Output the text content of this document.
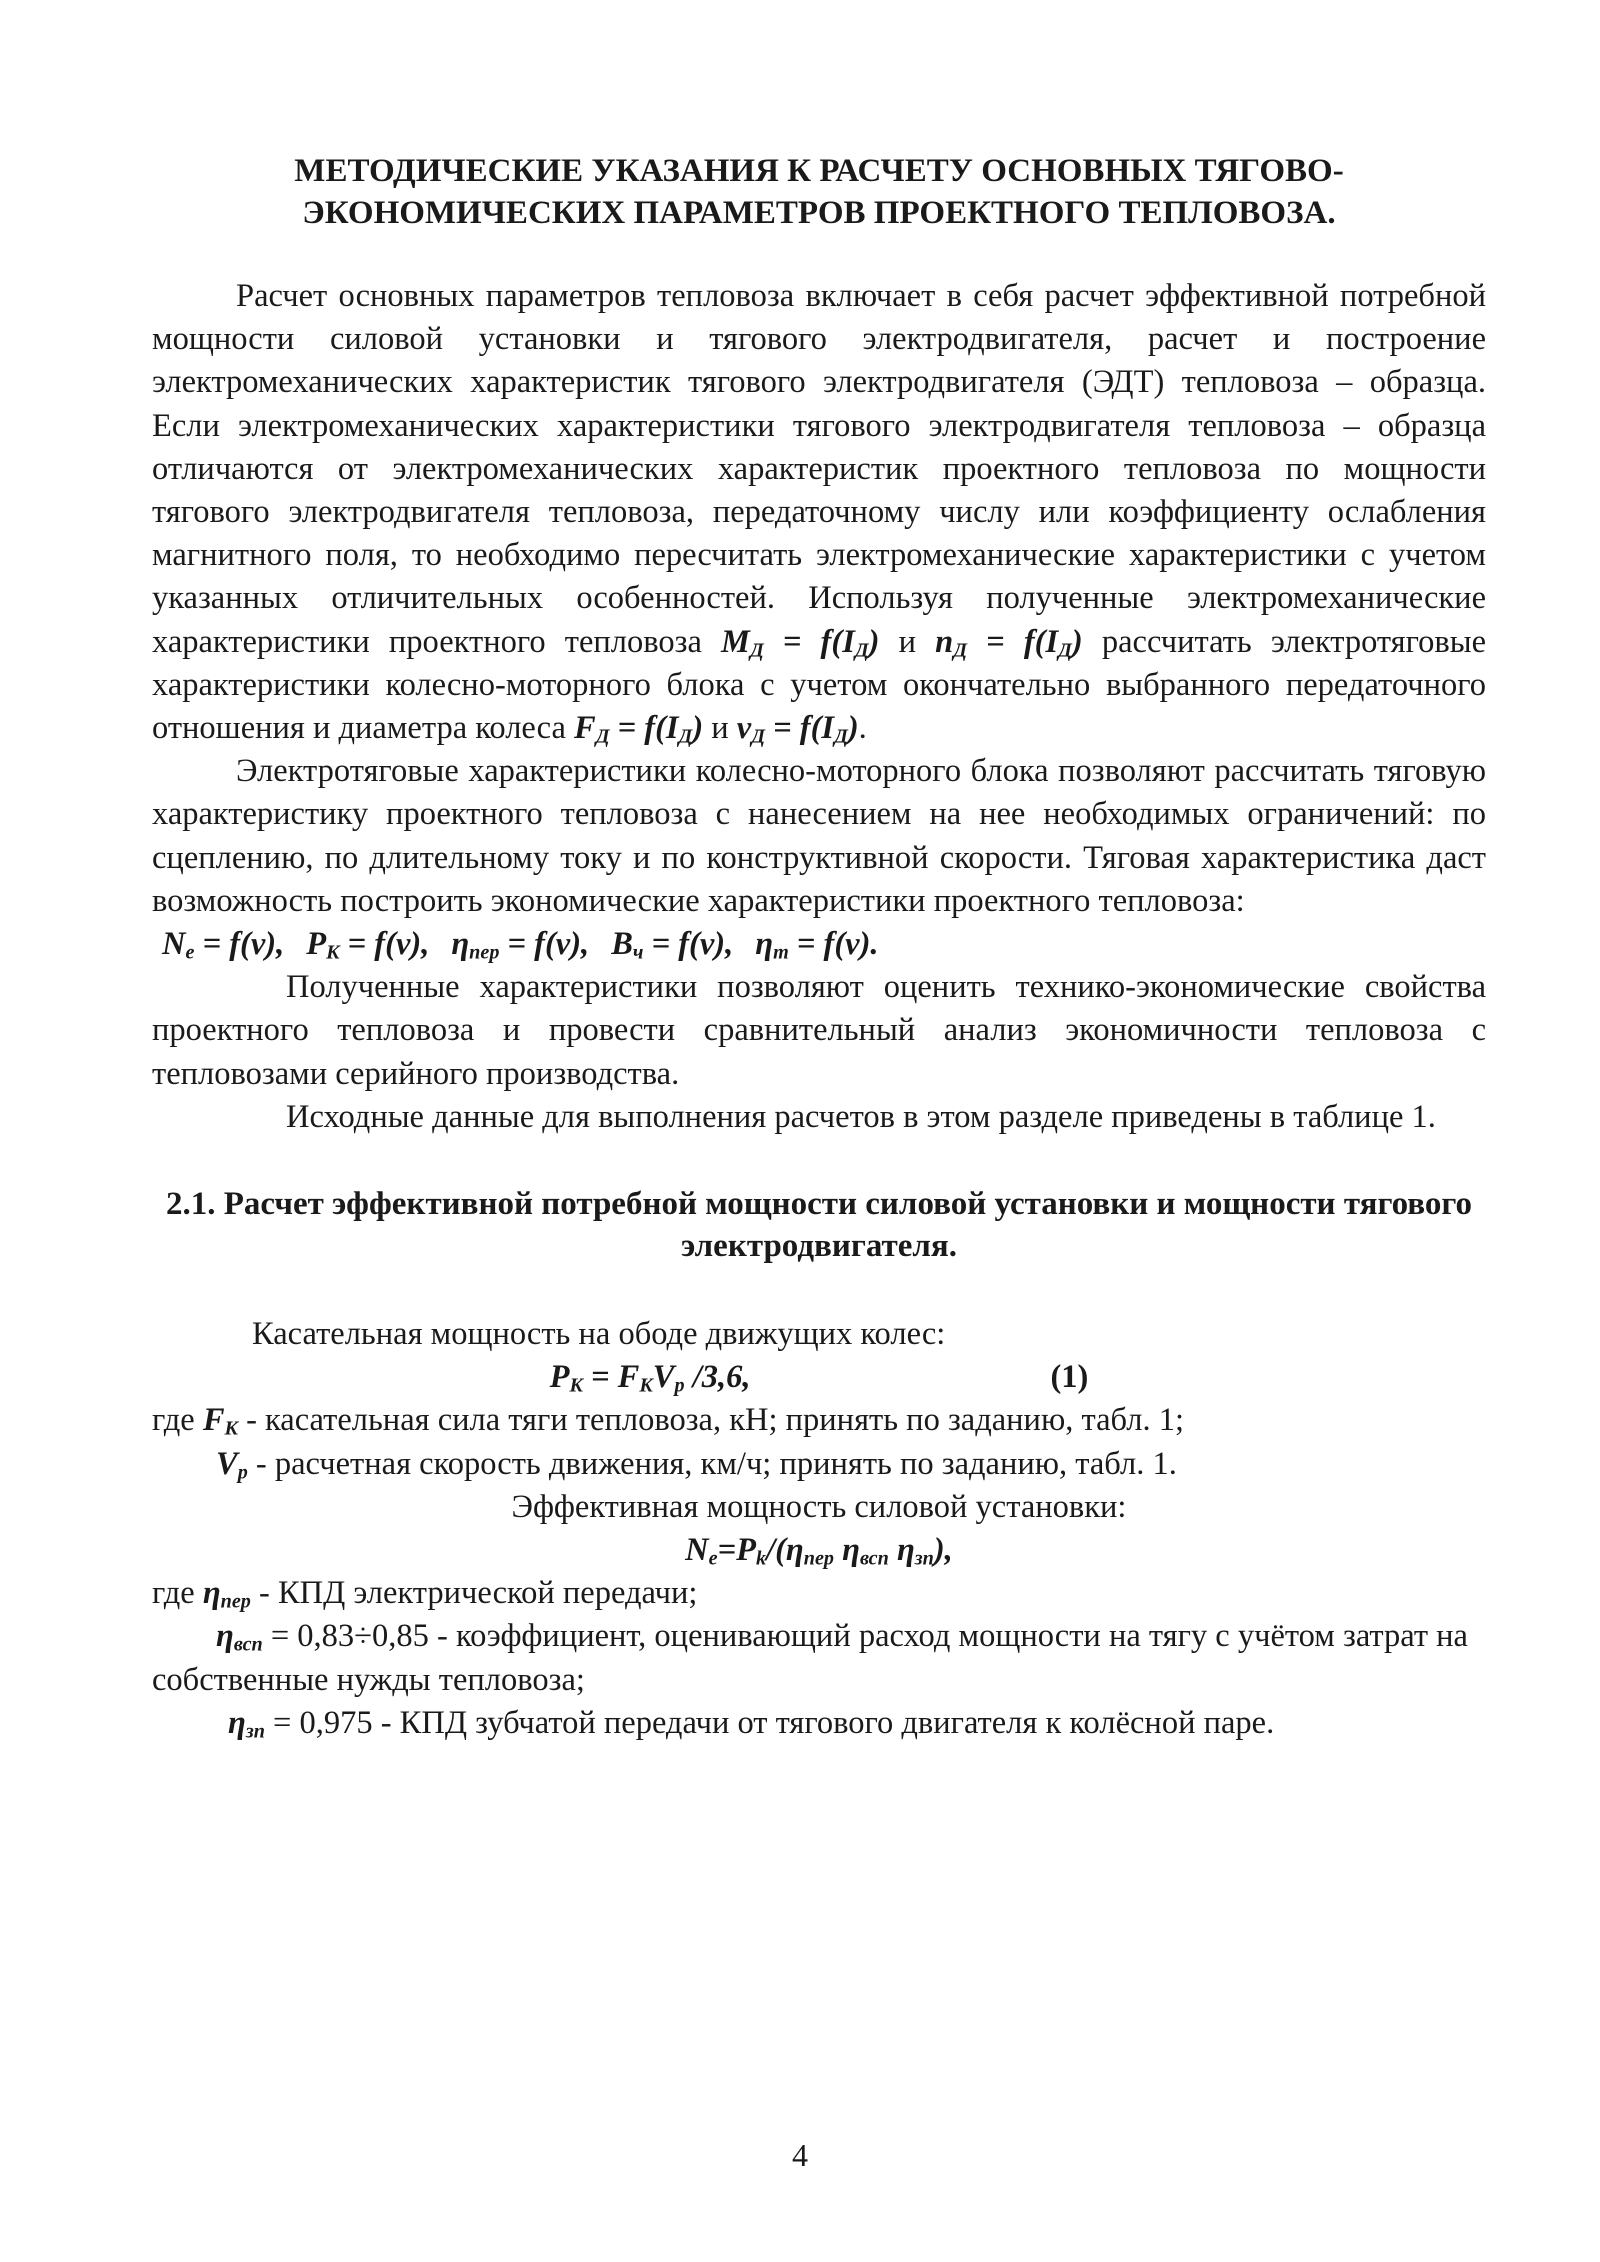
МЕТОДИЧЕСКИЕ УКАЗАНИЯ К РАСЧЕТУ ОСНОВНЫХ ТЯГОВО-ЭКОНОМИЧЕСКИХ ПАРАМЕТРОВ ПРОЕКТНОГО ТЕПЛОВОЗА.

Расчет основных параметров тепловоза включает в себя расчет эффективной потребной мощности силовой установки и тягового электродвигателя, расчет и построение электромеханических характеристик тягового электродвигателя (ЭДТ) тепловоза – образца. Если электромеханических характеристики тягового электродвигателя тепловоза – образца отличаются от электромеханических характеристик проектного тепловоза по мощности тягового электродвигателя тепловоза, передаточному числу или коэффициенту ослабления магнитного поля, то необходимо пересчитать электромеханические характеристики с учетом указанных отличительных особенностей. Используя полученные электромеханические характеристики проектного тепловоза $M_Д = f(I_Д)$ и $n_Д = f(I_Д)$ рассчитать электротяговые характеристики колесно-моторного блока с учетом окончательно выбранного передаточного отношения и диаметра колеса $F_Д = f(I_Д)$ и $v_Д = f(I_Д)$.

Электротяговые характеристики колесно-моторного блока позволяют рассчитать тяговую характеристику проектного тепловоза с нанесением на нее необходимых ограничений: по сцеплению, по длительному току и по конструктивной скорости. Тяговая характеристика даст возможность построить экономические характеристики проектного тепловоза:

$N_e = f(v)$, $P_K = f(v)$, $\eta_{пер} = f(v)$, $B_ч = f(v)$, $\eta_т = f(v)$.

Полученные характеристики позволяют оценить технико-экономические свойства проектного тепловоза и провести сравнительный анализ экономичности тепловоза с тепловозами серийного производства.

Исходные данные для выполнения расчетов в этом разделе приведены в таблице 1.

2.1. Расчет эффективной потребной мощности силовой установки и мощности тягового электродвигателя.

Касательная мощность на ободе движущих колес:

$P_K = F_KV_p$ /3,6,	(1)

где $F_K$ - касательная сила тяги тепловоза, кН; принять по заданию, табл. 1;

$V_p$ - расчетная скорость движения, км/ч; принять по заданию, табл. 1.

Эффективная мощность силовой установки:

$N_e=P_k/(\eta_{пер}$ $\eta_{всп}$ $\eta_{зп}$),

где $\eta_{пер}$ - КПД электрической передачи;

$\eta_{всп} = 0,83\div 0,85$ - коэффициент, оценивающий расход мощности на тягу с учётом затрат на собственные нужды тепловоза;

$\eta_{зп} = 0,975$ - КПД зубчатой передачи от тягового двигателя к колёсной паре.

4
